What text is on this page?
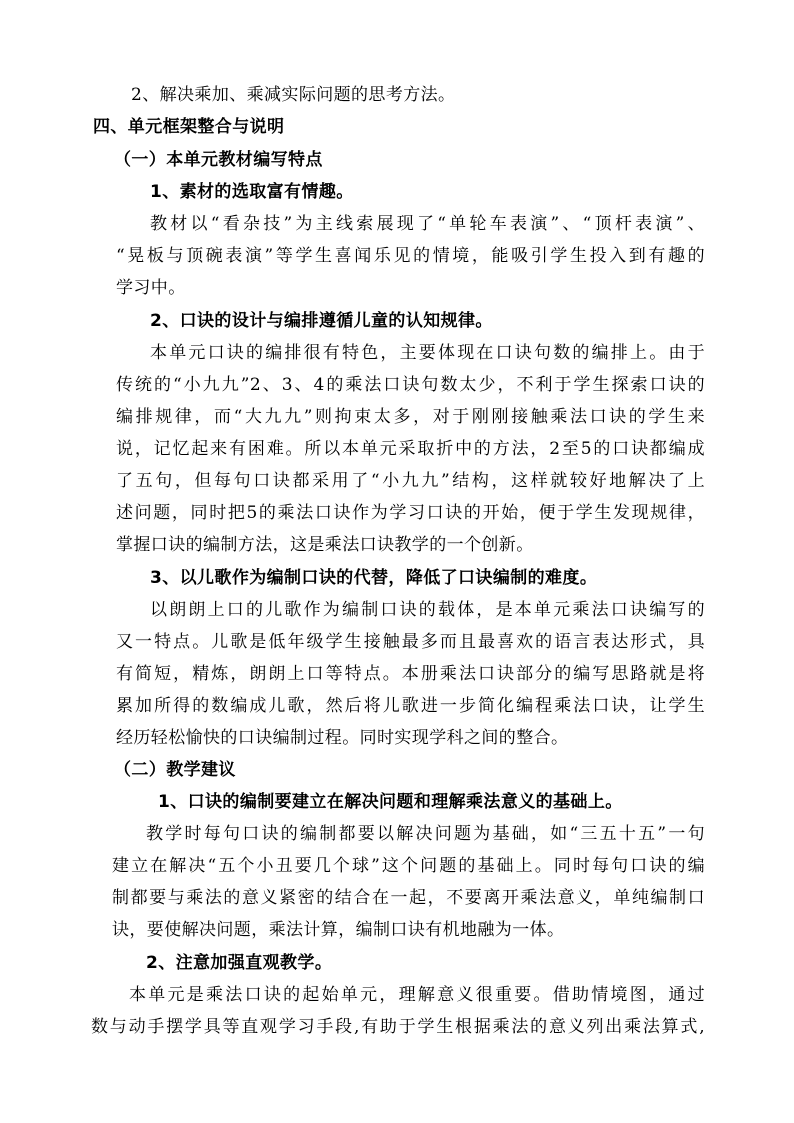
2、解决乘加、乘减实际问题的思考方法。
四、单元框架整合与说明
（一）本单元教材编写特点
1、素材的选取富有情趣。
教材以“看杂技”为主线索展现了“单轮车表演”、“顶杆表演”、
“晃板与顶碗表演”等学生喜闻乐见的情境，能吸引学生投入到有趣的
学习中。
2、口诀的设计与编排遵循儿童的认知规律。
本单元口诀的编排很有特色，主要体现在口诀句数的编排上。由于
传统的“小九九”2、3、4的乘法口诀句数太少，不利于学生探索口诀的
编排规律，而“大九九”则拘束太多，对于刚刚接触乘法口诀的学生来
说，记忆起来有困难。所以本单元采取折中的方法，2至5的口诀都编成
了五句，但每句口诀都采用了“小九九”结构，这样就较好地解决了上
述问题，同时把5的乘法口诀作为学习口诀的开始，便于学生发现规律，
掌握口诀的编制方法，这是乘法口诀教学的一个创新。
3、以儿歌作为编制口诀的代替，降低了口诀编制的难度。
以朗朗上口的儿歌作为编制口诀的载体，是本单元乘法口诀编写的
又一特点。儿歌是低年级学生接触最多而且最喜欢的语言表达形式，具
有简短，精炼，朗朗上口等特点。本册乘法口诀部分的编写思路就是将
累加所得的数编成儿歌，然后将儿歌进一步简化编程乘法口诀，让学生
经历轻松愉快的口诀编制过程。同时实现学科之间的整合。
（二）教学建议
1、口诀的编制要建立在解决问题和理解乘法意义的基础上。
教学时每句口诀的编制都要以解决问题为基础，如“三五十五”一句
建立在解决“五个小丑要几个球”这个问题的基础上。同时每句口诀的编
制都要与乘法的意义紧密的结合在一起，不要离开乘法意义，单纯编制口
诀，要使解决问题，乘法计算，编制口诀有机地融为一体。
2、注意加强直观教学。
本单元是乘法口诀的起始单元，理解意义很重要。借助情境图，通过
数与动手摆学具等直观学习手段,有助于学生根据乘法的意义列出乘法算式,
